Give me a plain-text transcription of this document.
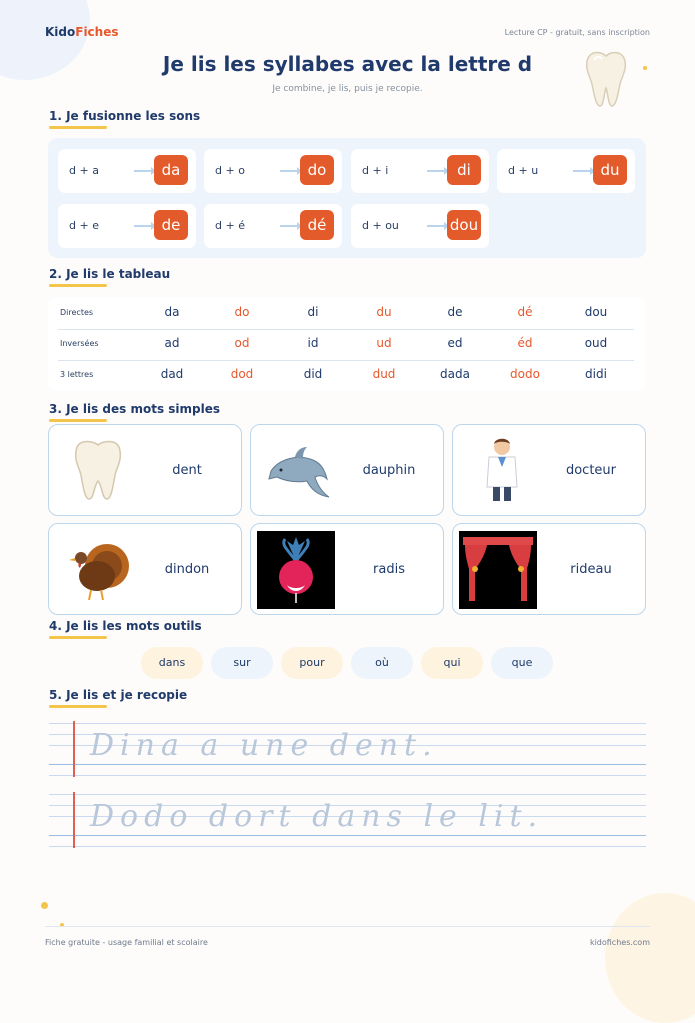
KidoFiches	Lecture CP - gratuit, sans inscription
Je lis les syllabes avec la lettre d
Je combine, je lis, puis je recopie.
1. Je fusionne les sons
d + a	da	d + o	do	d + i	di	d + u	du
d + e	de	d + é	dé	d + ou	dou
2. Je lis le tableau
Directes	da	do	di	du	de	dé	dou
Inversées	ad	od	id	ud	ed	éd	oud
3 lettres	dad	dod	did	dud	dada	dodo	didi
3. Je lis des mots simples
dent	dauphin	docteur
dindon	radis	rideau
4. Je lis les mots outils
dans	sur	pour	où	qui	que
5. Je lis et je recopie
Dina a une dent.
Dodo dort dans le lit.
Fiche gratuite - usage familial et scolaire	kidofiches.com
